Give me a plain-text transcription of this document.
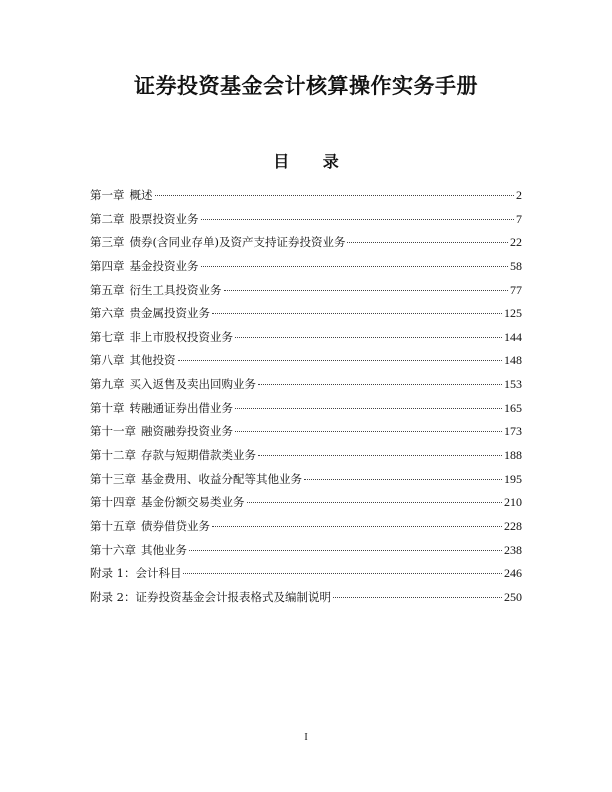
证券投资基金会计核算操作实务手册
目 录
第一章 概述	2
第二章 股票投资业务	7
第三章 债券(含同业存单)及资产支持证券投资业务	22
第四章 基金投资业务	58
第五章 衍生工具投资业务	77
第六章 贵金属投资业务	125
第七章 非上市股权投资业务	144
第八章 其他投资	148
第九章 买入返售及卖出回购业务	153
第十章 转融通证券出借业务	165
第十一章 融资融券投资业务	173
第十二章 存款与短期借款类业务	188
第十三章 基金费用、收益分配等其他业务	195
第十四章 基金份额交易类业务	210
第十五章 债券借贷业务	228
第十六章 其他业务	238
附录 1：会计科目	246
附录 2：证券投资基金会计报表格式及编制说明	250

I
